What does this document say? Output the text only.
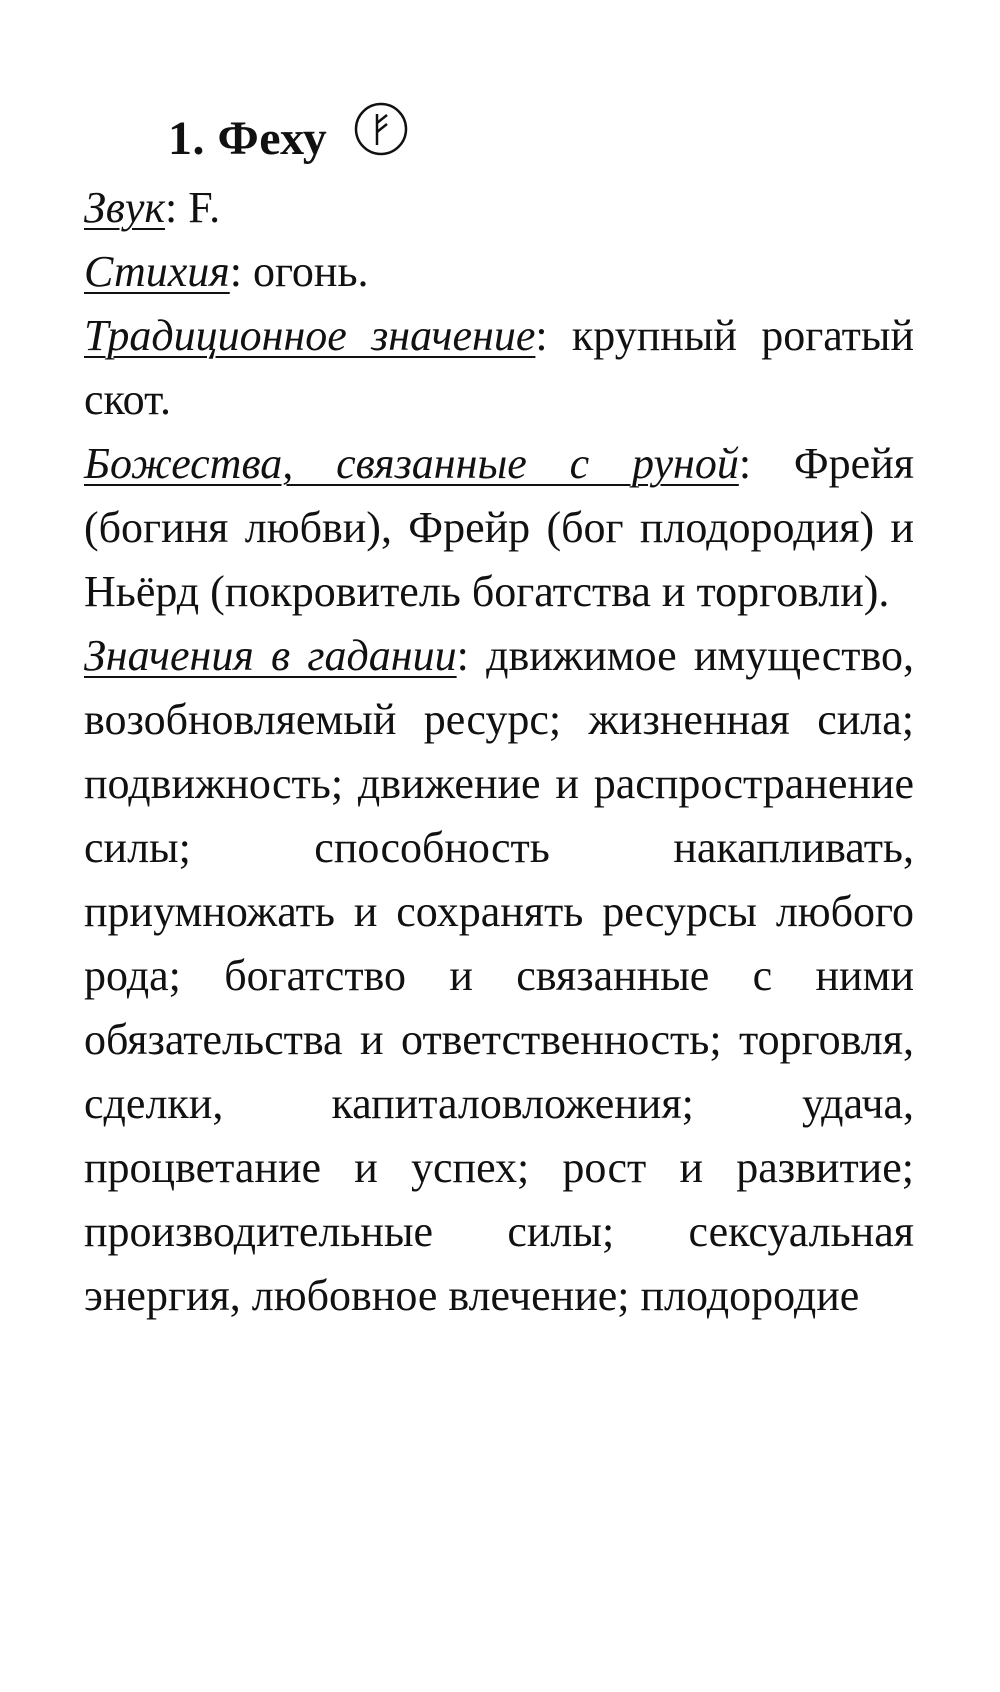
1. Феху

Звук: F.

Стихия: огонь.

Традиционное значение: крупный рогатый скот.

Божества, связанные с руной: Фрейя (богиня любви), Фрейр (бог плодородия) и Ньёрд (покровитель богатства и торговли).

Значения в гадании: движимое имущество, возобновляемый ресурс; жизненная сила; подвижность; движение и распространение силы; способность накапливать, приумножать и сохранять ресурсы любого рода; богатство и связанные с ними обязательства и ответственность; торговля, сделки, капиталовложения; удача, процветание и успех; рост и развитие; производительные силы; сексуальная энергия, любовное влечение; плодородие
